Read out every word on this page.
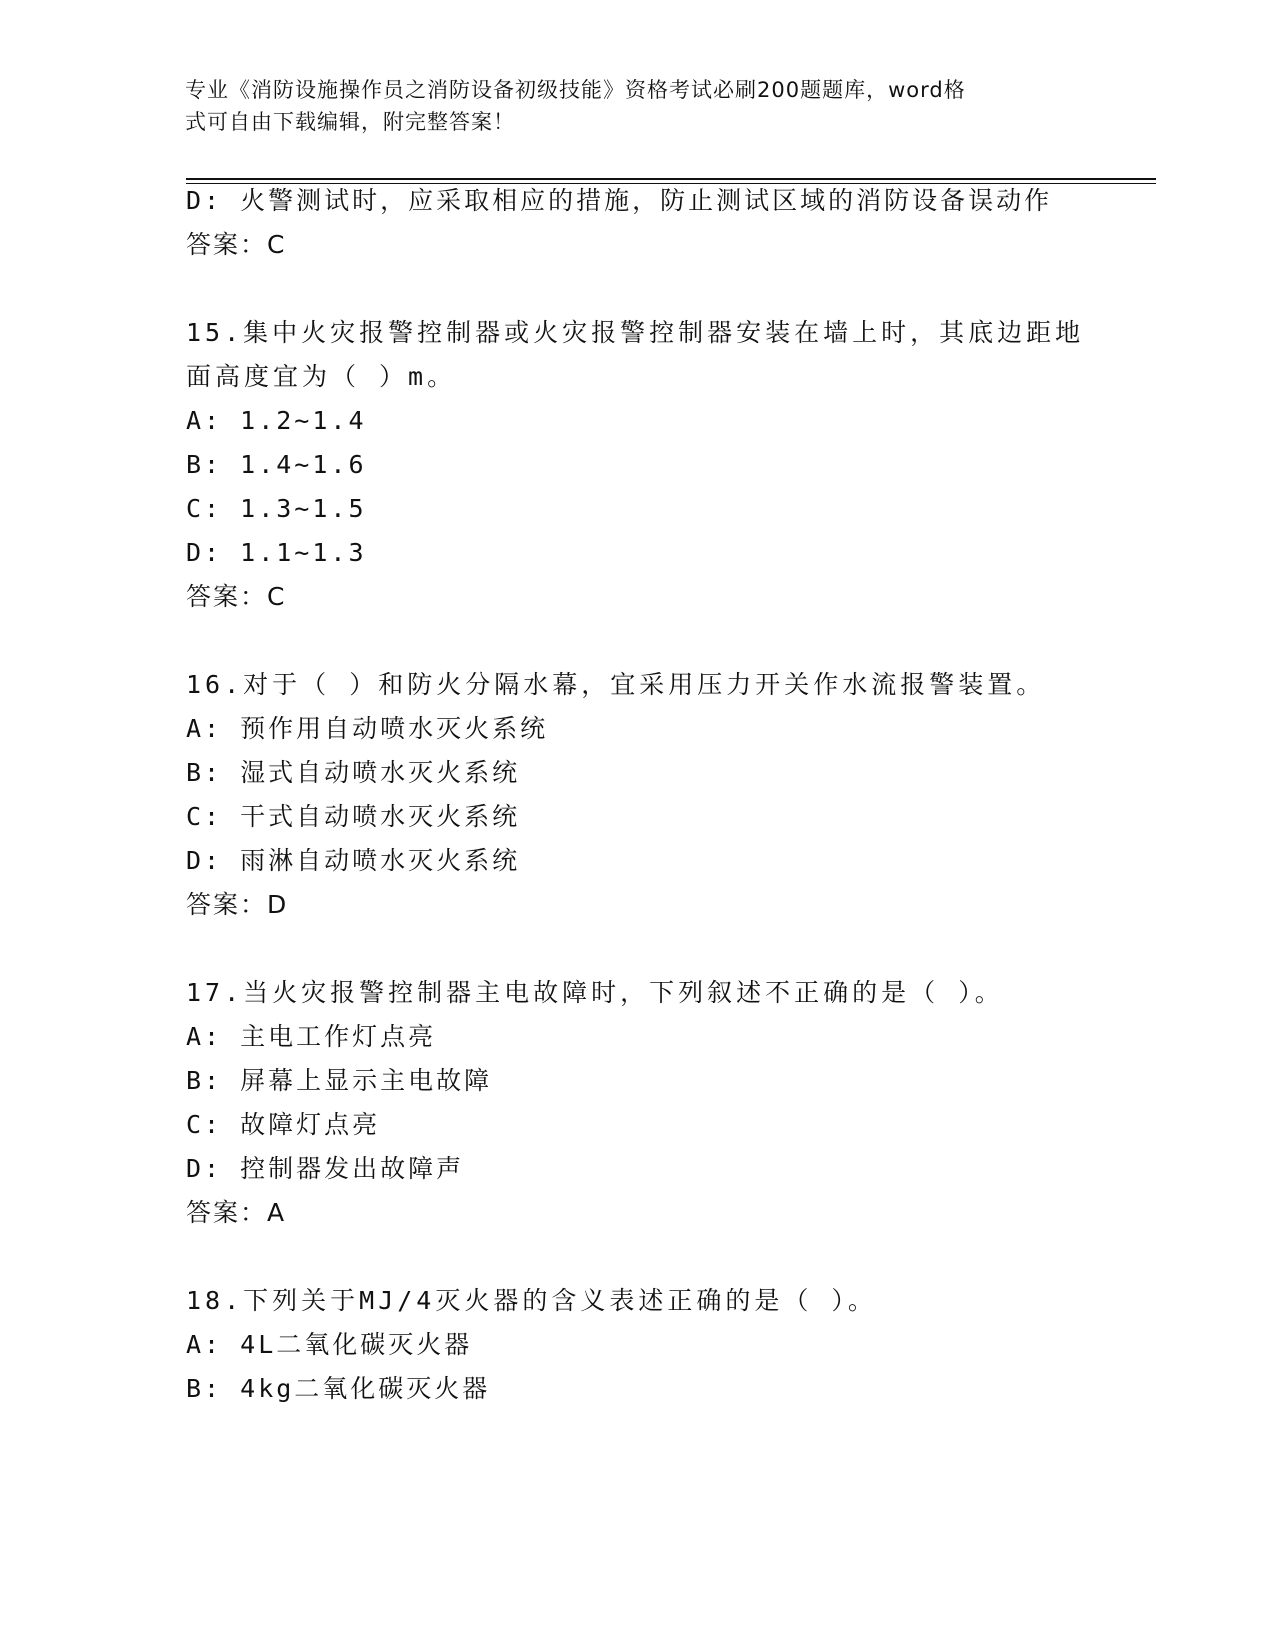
专业《消防设施操作员之消防设备初级技能》资格考试必刷200题题库，word格
式可自由下载编辑，附完整答案！
D: 火警测试时，应采取相应的措施，防止测试区域的消防设备误动作
答案：C
15.集中火灾报警控制器或火灾报警控制器安装在墙上时，其底边距地
面高度宜为（ ）m。
A: 1.2~1.4
B: 1.4~1.6
C: 1.3~1.5
D: 1.1~1.3
答案：C
16.对于（ ）和防火分隔水幕，宜采用压力开关作水流报警装置。
A: 预作用自动喷水灭火系统
B: 湿式自动喷水灭火系统
C: 干式自动喷水灭火系统
D: 雨淋自动喷水灭火系统
答案：D
17.当火灾报警控制器主电故障时，下列叙述不正确的是（ ）。
A: 主电工作灯点亮
B: 屏幕上显示主电故障
C: 故障灯点亮
D: 控制器发出故障声
答案：A
18.下列关于MJ/4灭火器的含义表述正确的是（ ）。
A: 4L二氧化碳灭火器
B: 4kg二氧化碳灭火器
